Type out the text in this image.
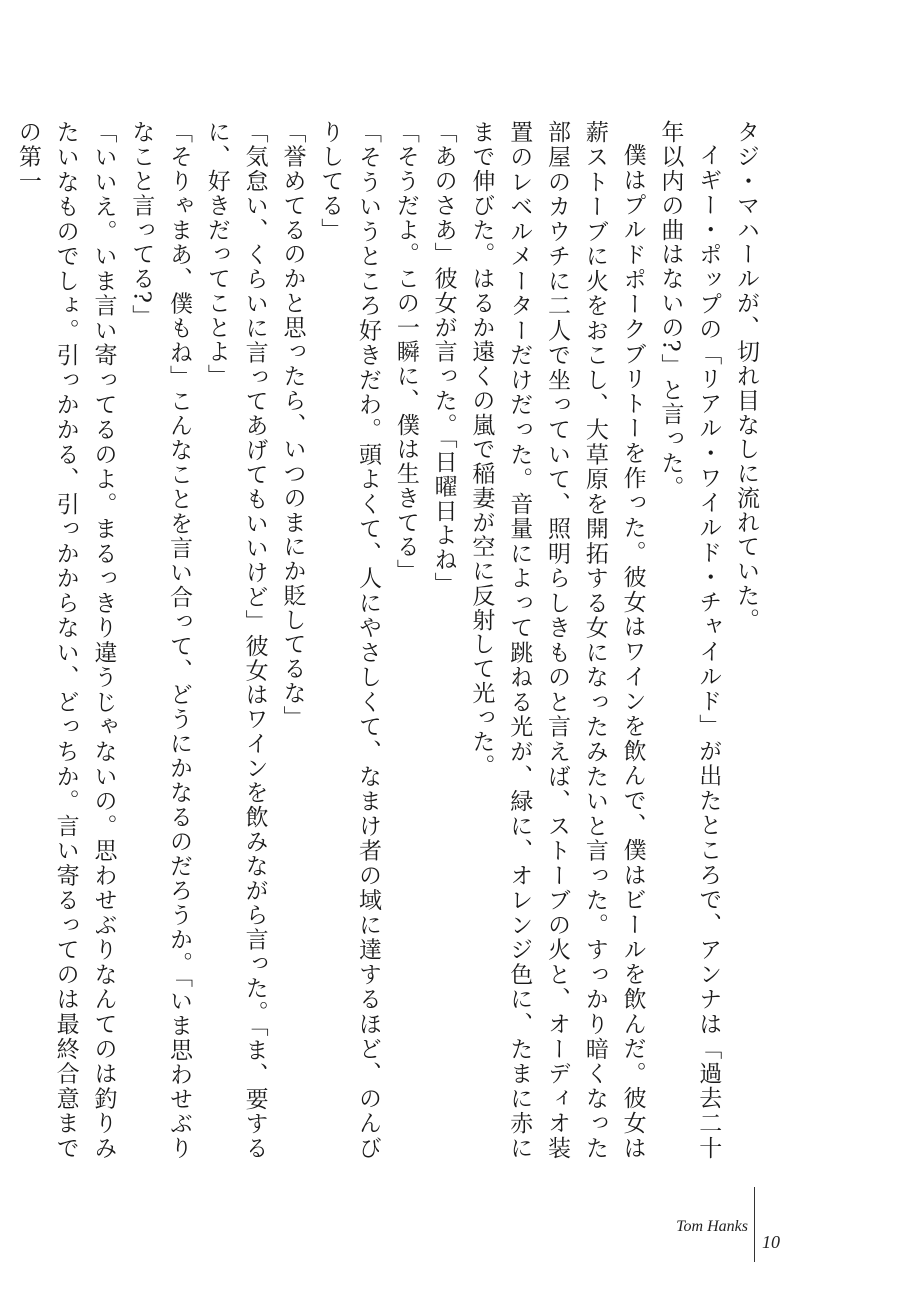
タジ・マハールが、切れ目なしに流れていた。

イギー・ポップの「リアル・ワイルド・チャイルド」が出たところで、アンナは「過去二十年以内の曲はないの?」と言った。

僕はプルドポークブリトーを作った。彼女はワインを飲んで、僕はビールを飲んだ。彼女は薪ストーブに火をおこし、大草原を開拓する女になったみたいと言った。すっかり暗くなった部屋のカウチに二人で坐っていて、照明らしきものと言えば、ストーブの火と、オーディオ装置のレベルメーターだけだった。音量によって跳ねる光が、緑に、オレンジ色に、たまに赤にまで伸びた。はるか遠くの嵐で稲妻が空に反射して光った。

「あのさあ」彼女が言った。「日曜日よね」

「そうだよ。この一瞬に、僕は生きてる」

「そういうところ好きだわ。頭よくて、人にやさしくて、なまけ者の域に達するほど、のんびりしてる」

「誉めてるのかと思ったら、いつのまにか貶してるな」

「気怠い、くらいに言ってあげてもいいけど」彼女はワインを飲みながら言った。「ま、要するに、好きだってことよ」

「そりゃまあ、僕もね」こんなことを言い合って、どうにかなるのだろうか。「いま思わせぶりなこと言ってる?」

「いいえ。いま言い寄ってるのよ。まるっきり違うじゃないの。思わせぶりなんてのは釣りみたいなものでしょ。引っかかる、引っかからない、どっちか。言い寄るってのは最終合意までの第一

Tom Hanks
10
